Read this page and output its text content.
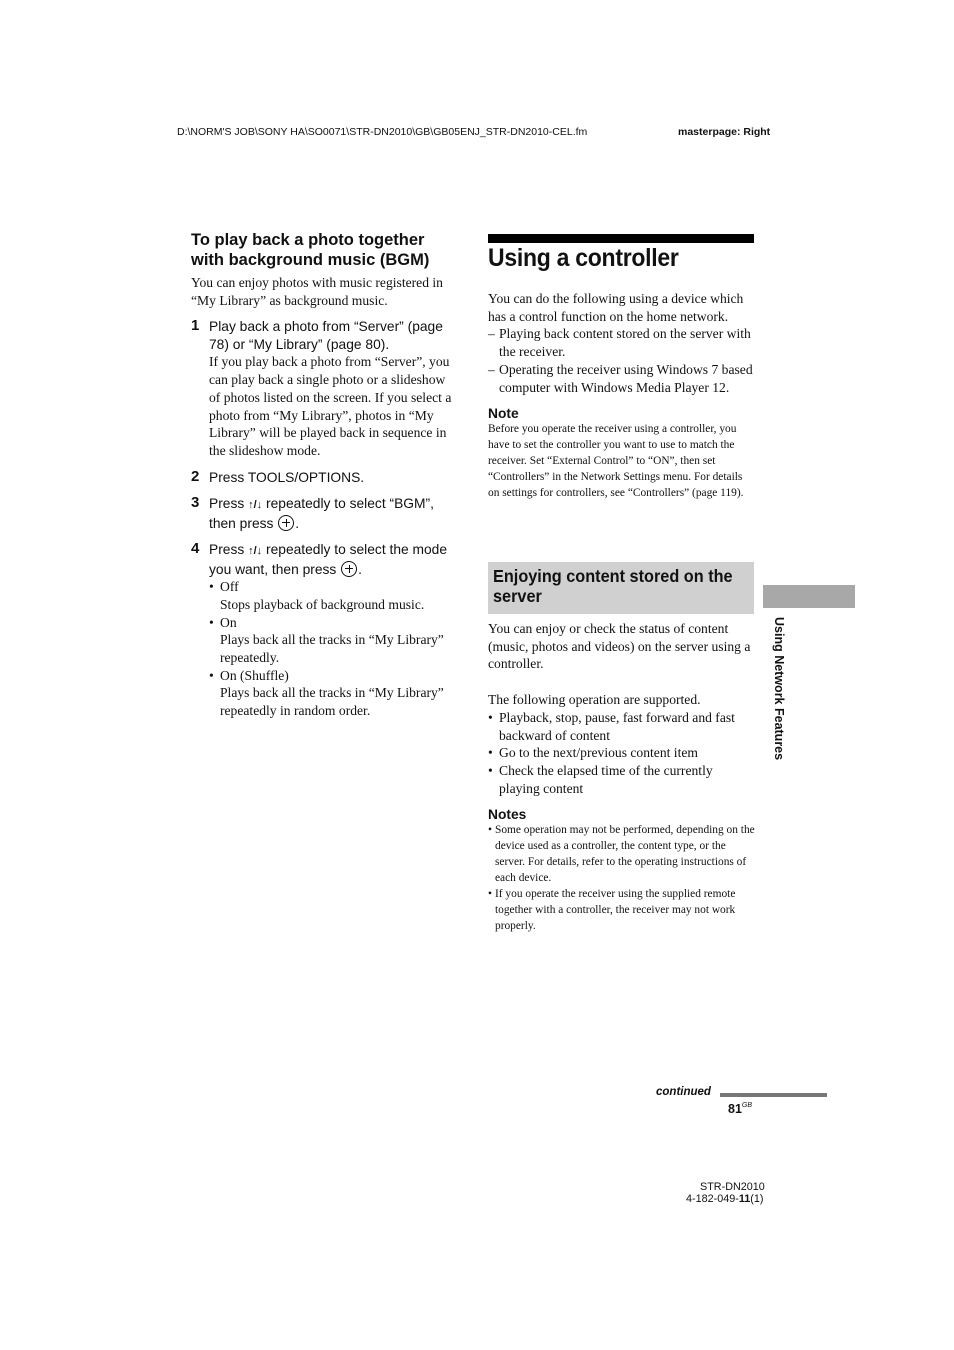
D:\NORM'S JOB\SONY HA\SO0071\STR-DN2010\GB\GB05ENJ_STR-DN2010-CEL.fm	masterpage: Right
To play back a photo together with background music (BGM)
You can enjoy photos with music registered in “My Library” as background music.
1 Play back a photo from “Server” (page 78) or “My Library” (page 80).
If you play back a photo from “Server”, you can play back a single photo or a slideshow of photos listed on the screen. If you select a photo from “My Library”, photos in “My Library” will be played back in sequence in the slideshow mode.
2 Press TOOLS/OPTIONS.
3 Press ↑/↓ repeatedly to select “BGM”, then press .
4 Press ↑/↓ repeatedly to select the mode you want, then press .
• Off
Stops playback of background music.
• On
Plays back all the tracks in “My Library” repeatedly.
• On (Shuffle)
Plays back all the tracks in “My Library” repeatedly in random order.
Using a controller
You can do the following using a device which has a control function on the home network.
– Playing back content stored on the server with the receiver.
– Operating the receiver using Windows 7 based computer with Windows Media Player 12.
Note
Before you operate the receiver using a controller, you have to set the controller you want to use to match the receiver. Set “External Control” to “ON”, then set “Controllers” in the Network Settings menu. For details on settings for controllers, see “Controllers” (page 119).
Enjoying content stored on the server
You can enjoy or check the status of content (music, photos and videos) on the server using a controller.
The following operation are supported.
• Playback, stop, pause, fast forward and fast backward of content
• Go to the next/previous content item
• Check the elapsed time of the currently playing content
Notes
• Some operation may not be performed, depending on the device used as a controller, the content type, or the server. For details, refer to the operating instructions of each device.
• If you operate the receiver using the supplied remote together with a controller, the receiver may not work properly.
Using Network Features
continued
$81^{GB}$
STR-DN2010
4-182-049-11(1)
